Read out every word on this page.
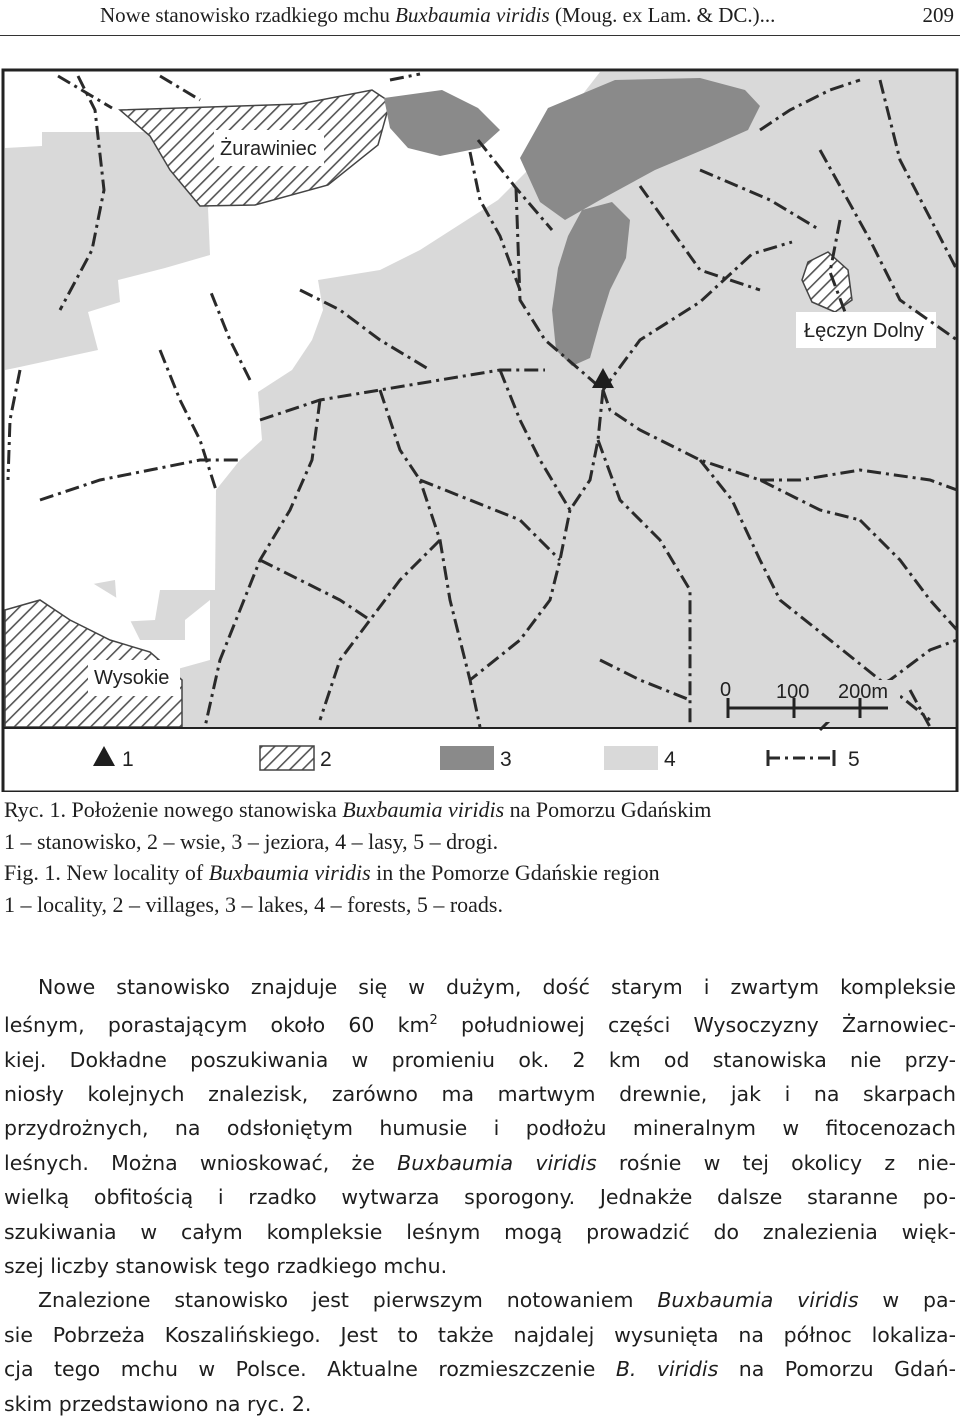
Nowe stanowisko rzadkiego mchu Buxbaumia viridis (Moug. ex Lam. & DC.)...	209
Żurawiniec
Łęczyn Dolny
Wysokie
0 100 200m
1	2	3	4	5
Ryc. 1. Położenie nowego stanowiska Buxbaumia viridis na Pomorzu Gdańskim
1 – stanowisko, 2 – wsie, 3 – jeziora, 4 – lasy, 5 – drogi.
Fig. 1. New locality of Buxbaumia viridis in the Pomorze Gdańskie region
1 – locality, 2 – villages, 3 – lakes, 4 – forests, 5 – roads.
Nowe stanowisko znajduje się w dużym, dość starym i zwartym kompleksie
leśnym, porastającym około 60 $km^2$ południowej części Wysoczyzny Żarnowiec-
kiej. Dokładne poszukiwania w promieniu ok. 2 km od stanowiska nie przy-
niosły kolejnych znalezisk, zarówno ma martwym drewnie, jak i na skarpach
przydrożnych, na odsłoniętym humusie i podłożu mineralnym w fitocenozach
leśnych. Można wnioskować, że Buxbaumia viridis rośnie w tej okolicy z nie-
wielką obfitością i rzadko wytwarza sporogony. Jednakże dalsze staranne po-
szukiwania w całym kompleksie leśnym mogą prowadzić do znalezienia więk-
szej liczby stanowisk tego rzadkiego mchu.
Znalezione stanowisko jest pierwszym notowaniem Buxbaumia viridis w pa-
sie Pobrzeża Koszalińskiego. Jest to także najdalej wysunięta na północ lokaliza-
cja tego mchu w Polsce. Aktualne rozmieszczenie B. viridis na Pomorzu Gdań-
skim przedstawiono na ryc. 2.
